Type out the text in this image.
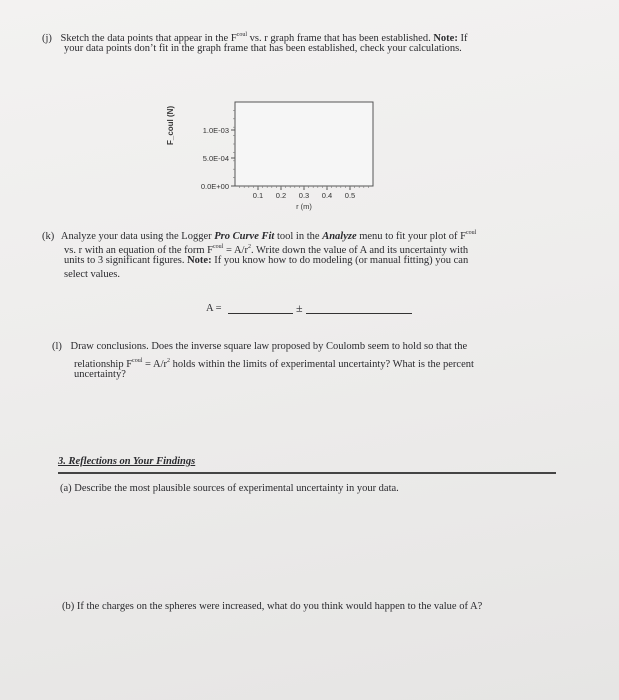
(j) Sketch the data points that appear in the $F^{coul}$ vs. r graph frame that has been established. Note: If
your data points don’t fit in the graph frame that has been established, check your calculations.
F_coul (N)	1.0E-03
5.0E-04
0.0E+00
0.1 0.2 0.3 0.4 0.5
r (m)
(k) Analyze your data using the Logger Pro Curve Fit tool in the Analyze menu to fit your plot of $F^{coul}$
vs. r with an equation of the form $F^{coul} = A/r^2$. Write down the value of A and its uncertainty with
units to 3 significant figures. Note: If you know how to do modeling (or manual fitting) you can
select values.
A =	±
(l) Draw conclusions. Does the inverse square law proposed by Coulomb seem to hold so that the
relationship $F^{coul} = A/r^2$ holds within the limits of experimental uncertainty? What is the percent
uncertainty?
3. Reflections on Your Findings
(a) Describe the most plausible sources of experimental uncertainty in your data.
(b) If the charges on the spheres were increased, what do you think would happen to the value of A?
